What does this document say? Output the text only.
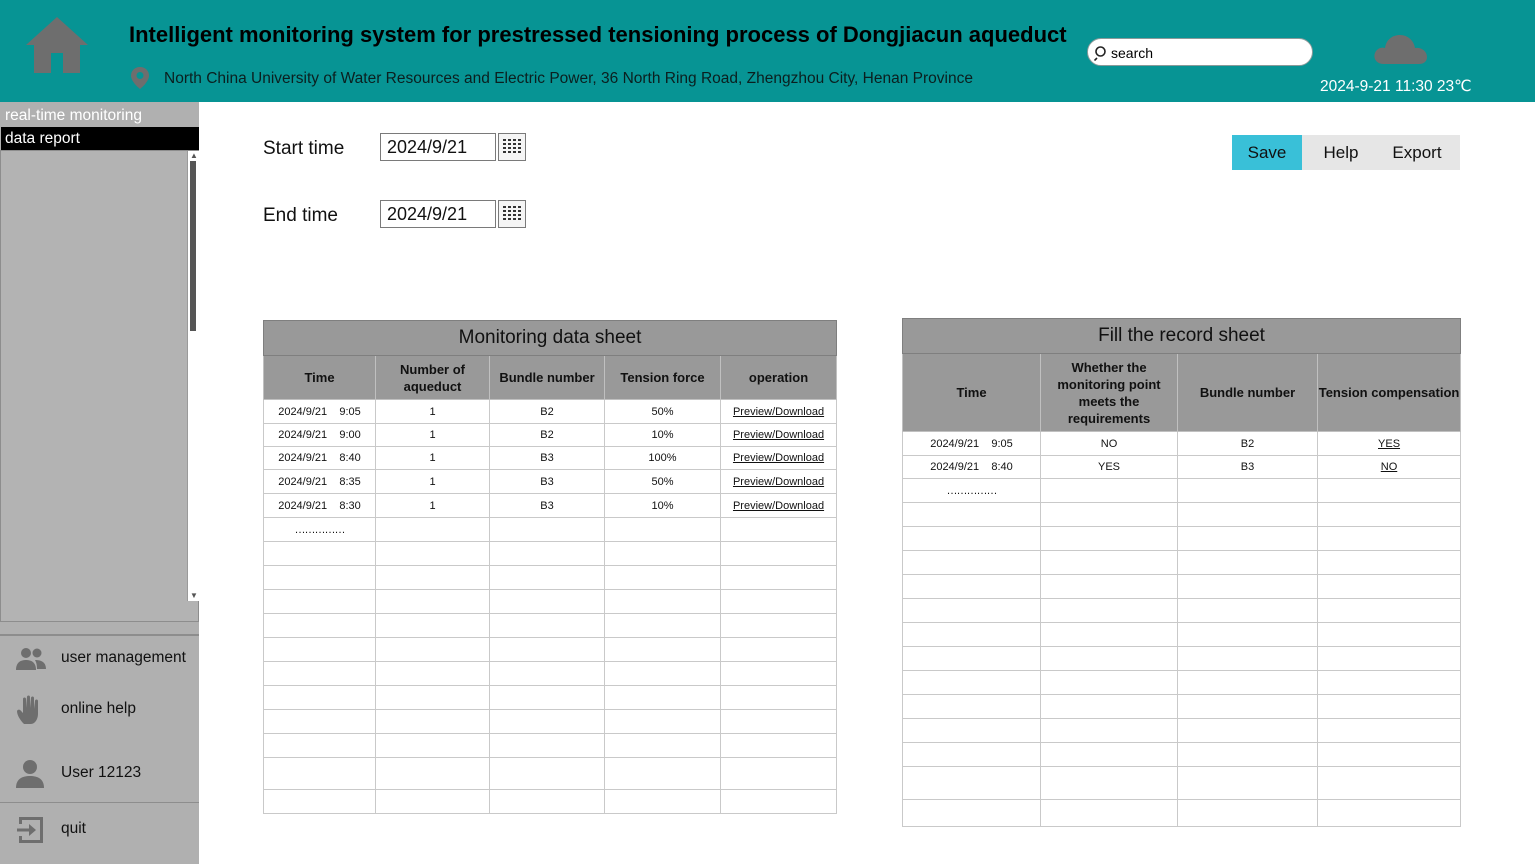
Intelligent monitoring system for prestressed tensioning process of Dongjiacun aqueduct
North China University of Water Resources and Electric Power, 36 North Ring Road, Zhengzhou City, Henan Province
search	2024-9-21 11:30 23℃
real-time monitoring
data report
▲
▼
user management
online help
User 12123
quit
Start time
2024/9/21
End time
2024/9/21
Save	Help	Export
Monitoring data sheet				
Time	Number of aqueduct	Bundle number	Tension force	operation
2024/9/21    9:05	1	B2	50%	Preview/Download
2024/9/21    9:00	1	B2	10%	Preview/Download
2024/9/21    8:40	1	B3	100%	Preview/Download
2024/9/21    8:35	1	B3	50%	Preview/Download
2024/9/21    8:30	1	B3	10%	Preview/Download
……………				

Fill the record sheet			
Time	Whether the monitoring point meets the requirements	Bundle number	Tension compensation
2024/9/21    9:05	NO	B2	YES
2024/9/21    8:40	YES	B3	NO
……………			
